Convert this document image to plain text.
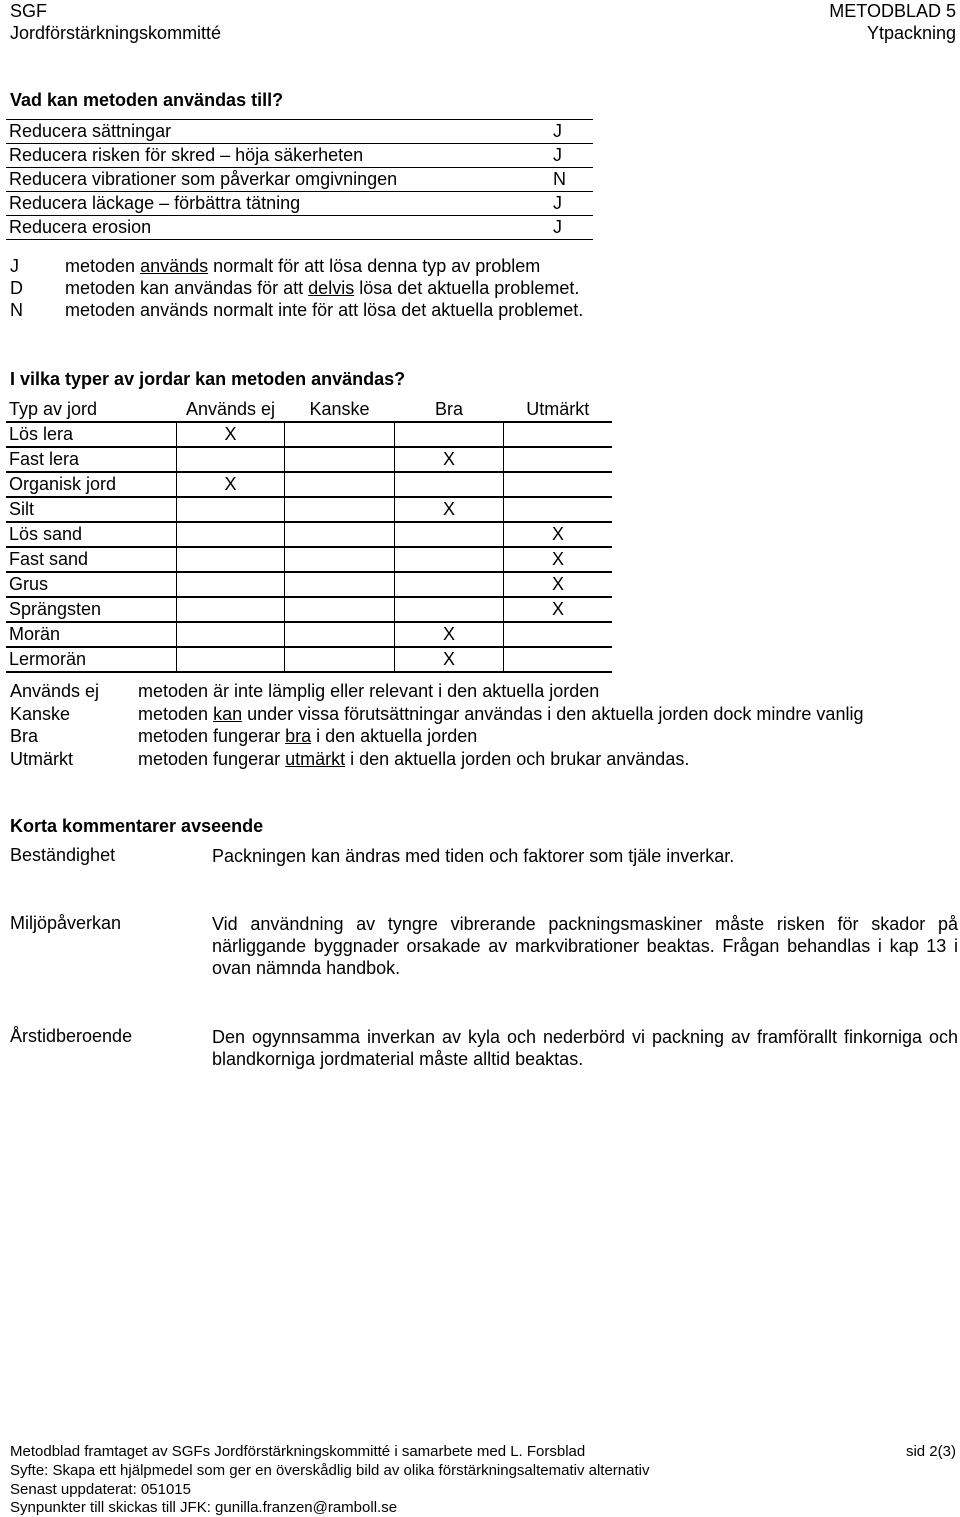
SGF
Jordförstärkningskommitté
METODBLAD 5
Ytpackning
Vad kan metoden användas till?
Reducera sättningar	J
Reducera risken för skred – höja säkerheten	J
Reducera vibrationer som påverkar omgivningen	N
Reducera läckage – förbättra tätning	J
Reducera erosion	J
J	metoden används normalt för att lösa denna typ av problem
D metoden kan användas för att delvis lösa det aktuella problemet.
N metoden används normalt inte för att lösa det aktuella problemet.
I vilka typer av jordar kan metoden användas?
Typ av jord	Används ej	Kanske	Bra	Utmärkt
Lös lera	X			
Fast lera			X	
Organisk jord	X			
Silt			X	
Lös sand				X
Fast sand				X
Grus				X
Sprängsten				X
Morän			X	
Lermorän			X	
Används ej metoden är inte lämplig eller relevant i den aktuella jorden
Kanske	metoden kan under vissa förutsättningar användas i den aktuella jorden dock mindre vanlig
Bra	metoden fungerar bra i den aktuella jorden
Utmärkt	metoden fungerar utmärkt i den aktuella jorden och brukar användas.
Korta kommentarer avseende
Beständighet	Packningen kan ändras med tiden och faktorer som tjäle inverkar.
Miljöpåverkan	Vid användning av tyngre vibrerande packningsmaskiner måste risken för skador på närliggande byggnader orsakade av markvibrationer beaktas. Frågan behandlas i kap 13 i ovan nämnda handbok.
Årstidberoende	Den ogynnsamma inverkan av kyla och nederbörd vi packning av framförallt finkorniga och blandkorniga jordmaterial måste alltid beaktas.
Metodblad framtaget av SGFs Jordförstärkningskommitté i samarbete med L. Forsblad	sid 2(3)
Syfte: Skapa ett hjälpmedel som ger en överskådlig bild av olika förstärkningsaltemativ alternativ
Senast uppdaterat: 051015
Synpunkter till skickas till JFK: gunilla.franzen@ramboll.se
